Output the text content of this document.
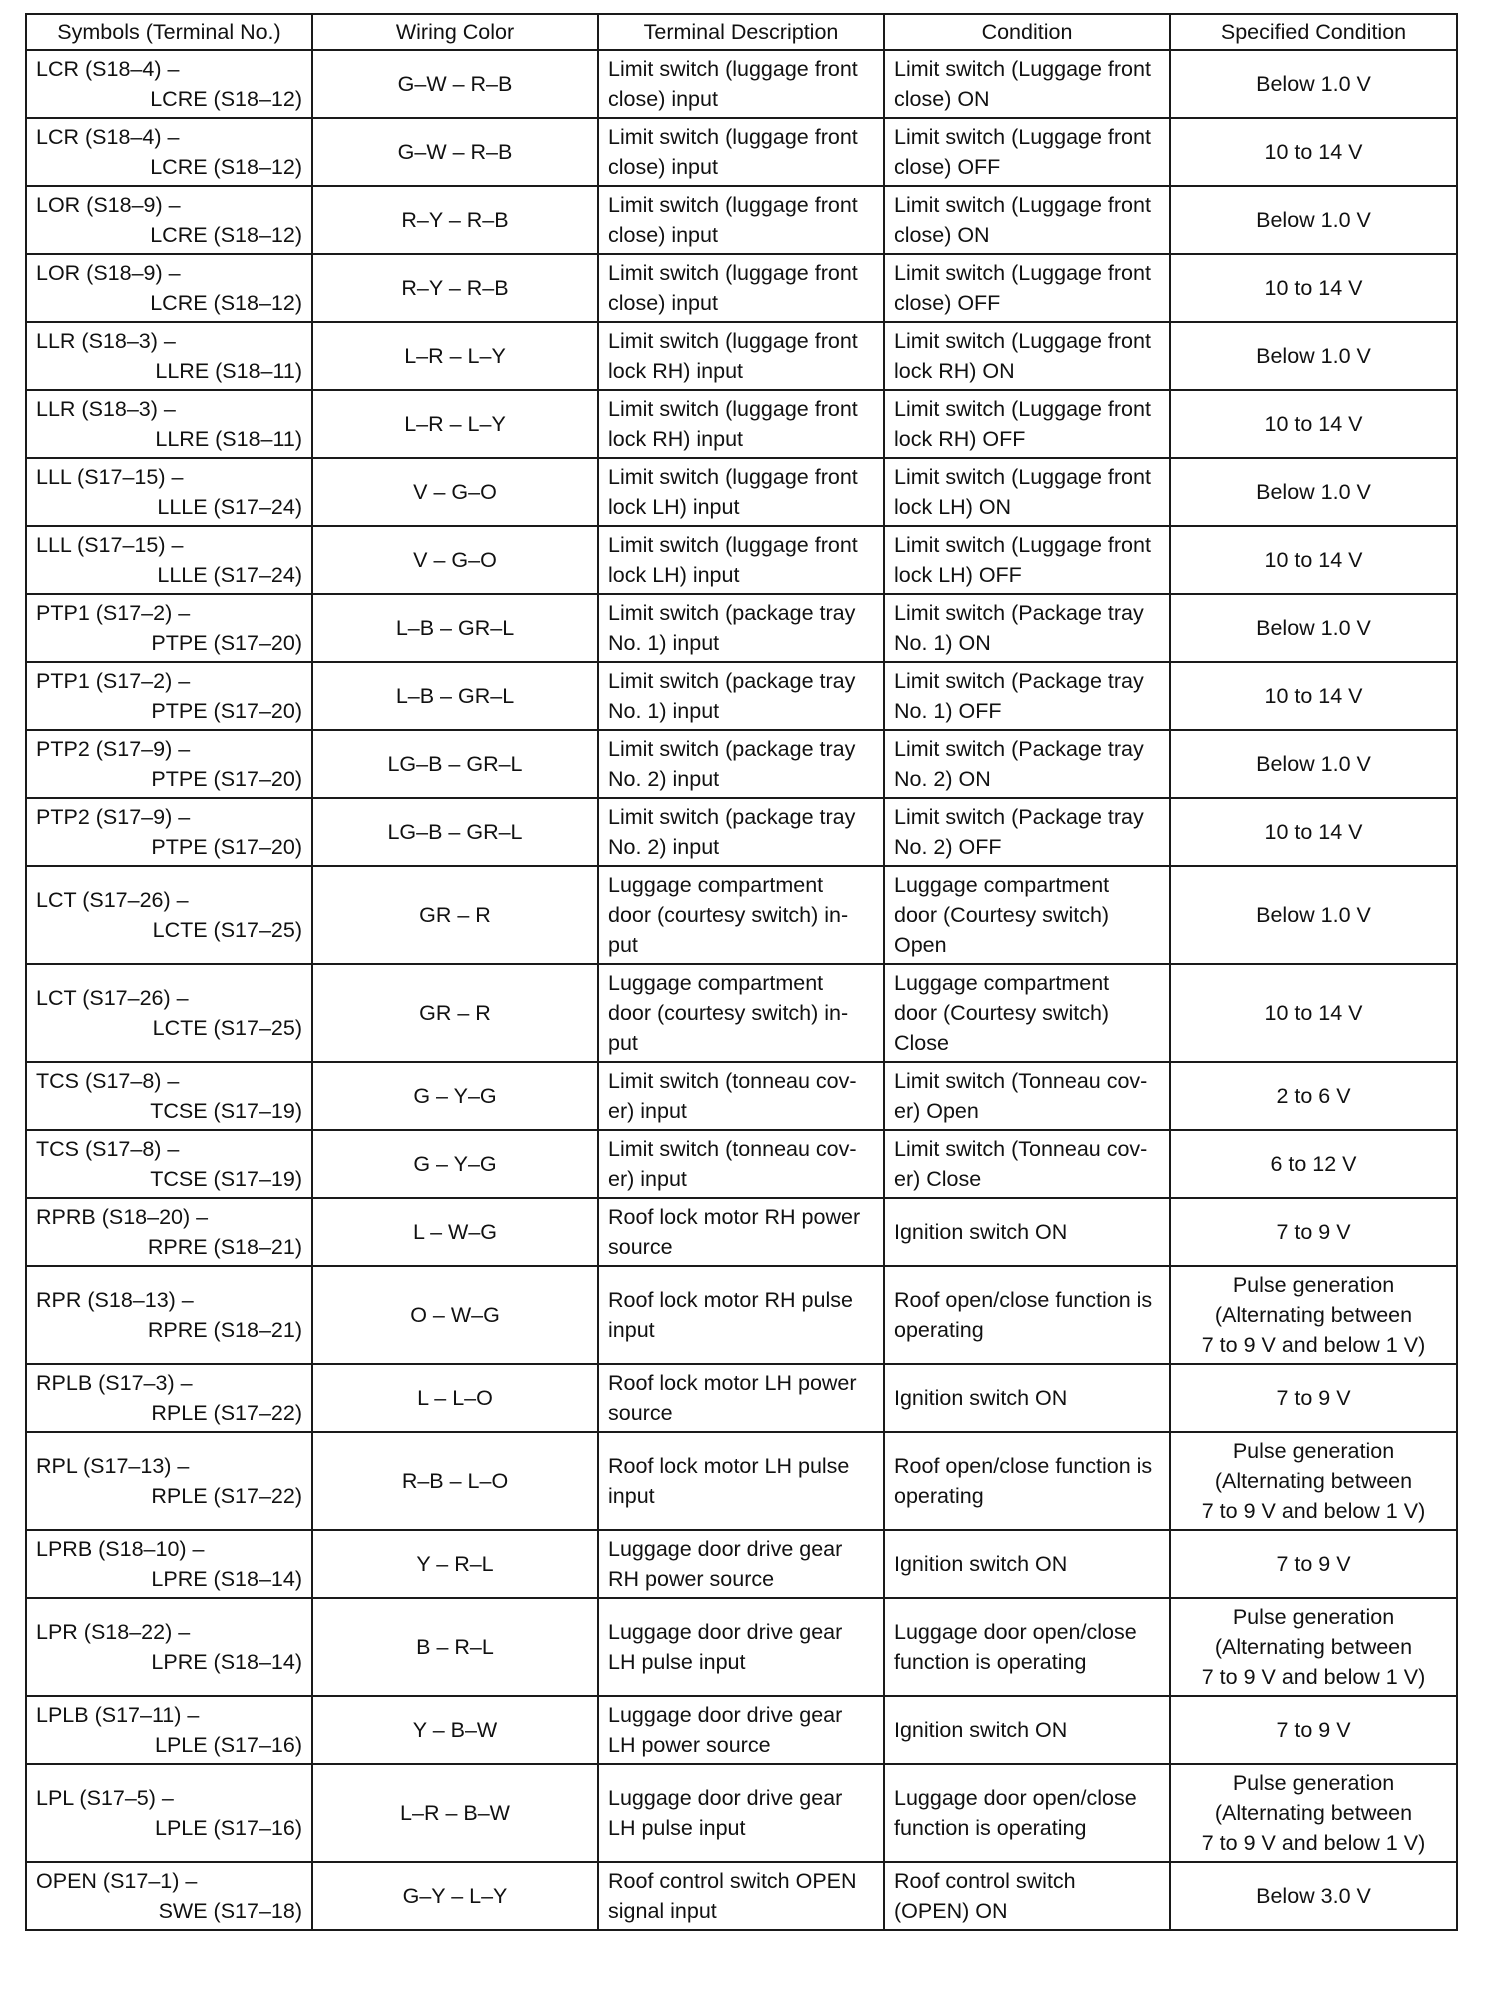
Symbols (Terminal No.)	Wiring Color	Terminal Description	Condition	Specified Condition

LCR (S18–4) –
LCRE (S18–12)	G–W – R–B	Limit switch (luggage front
close) input	Limit switch (Luggage front
close) ON	Below 1.0 V

LCR (S18–4) –
LCRE (S18–12)	G–W – R–B	Limit switch (luggage front
close) input	Limit switch (Luggage front
close) OFF	10 to 14 V

LOR (S18–9) –
LCRE (S18–12)	R–Y – R–B	Limit switch (luggage front
close) input	Limit switch (Luggage front
close) ON	Below 1.0 V

LOR (S18–9) –
LCRE (S18–12)	R–Y – R–B	Limit switch (luggage front
close) input	Limit switch (Luggage front
close) OFF	10 to 14 V

LLR (S18–3) –
LLRE (S18–11)	L–R – L–Y	Limit switch (luggage front
lock RH) input	Limit switch (Luggage front
lock RH) ON	Below 1.0 V

LLR (S18–3) –
LLRE (S18–11)	L–R – L–Y	Limit switch (luggage front
lock RH) input	Limit switch (Luggage front
lock RH) OFF	10 to 14 V

LLL (S17–15) –
LLLE (S17–24)	V – G–O	Limit switch (luggage front
lock LH) input	Limit switch (Luggage front
lock LH) ON	Below 1.0 V

LLL (S17–15) –
LLLE (S17–24)	V – G–O	Limit switch (luggage front
lock LH) input	Limit switch (Luggage front
lock LH) OFF	10 to 14 V

PTP1 (S17–2) –
PTPE (S17–20)	L–B – GR–L	Limit switch (package tray
No. 1) input	Limit switch (Package tray
No. 1) ON	Below 1.0 V

PTP1 (S17–2) –
PTPE (S17–20)	L–B – GR–L	Limit switch (package tray
No. 1) input	Limit switch (Package tray
No. 1) OFF	10 to 14 V

PTP2 (S17–9) –
PTPE (S17–20)	LG–B – GR–L	Limit switch (package tray
No. 2) input	Limit switch (Package tray
No. 2) ON	Below 1.0 V

PTP2 (S17–9) –
PTPE (S17–20)	LG–B – GR–L	Limit switch (package tray
No. 2) input	Limit switch (Package tray
No. 2) OFF	10 to 14 V

LCT (S17–26) –
LCTE (S17–25)	GR – R	Luggage compartment
door (courtesy switch) in-
put	Luggage compartment
door (Courtesy switch)
Open	Below 1.0 V

LCT (S17–26) –
LCTE (S17–25)	GR – R	Luggage compartment
door (courtesy switch) in-
put	Luggage compartment
door (Courtesy switch)
Close	10 to 14 V

TCS (S17–8) –
TCSE (S17–19)	G – Y–G	Limit switch (tonneau cov-
er) input	Limit switch (Tonneau cov-
er) Open	2 to 6 V

TCS (S17–8) –
TCSE (S17–19)	G – Y–G	Limit switch (tonneau cov-
er) input	Limit switch (Tonneau cov-
er) Close	6 to 12 V

RPRB (S18–20) –
RPRE (S18–21)	L – W–G	Roof lock motor RH power
source	Ignition switch ON	7 to 9 V

RPR (S18–13) –
RPRE (S18–21)	O – W–G	Roof lock motor RH pulse
input	Roof open/close function is
operating	Pulse generation
(Alternating between
7 to 9 V and below 1 V)

RPLB (S17–3) –
RPLE (S17–22)	L – L–O	Roof lock motor LH power
source	Ignition switch ON	7 to 9 V

RPL (S17–13) –
RPLE (S17–22)	R–B – L–O	Roof lock motor LH pulse
input	Roof open/close function is
operating	Pulse generation
(Alternating between
7 to 9 V and below 1 V)

LPRB (S18–10) –
LPRE (S18–14)	Y – R–L	Luggage door drive gear
RH power source	Ignition switch ON	7 to 9 V

LPR (S18–22) –
LPRE (S18–14)	B – R–L	Luggage door drive gear
LH pulse input	Luggage door open/close
function is operating	Pulse generation
(Alternating between
7 to 9 V and below 1 V)

LPLB (S17–11) –
LPLE (S17–16)	Y – B–W	Luggage door drive gear
LH power source	Ignition switch ON	7 to 9 V

LPL (S17–5) –
LPLE (S17–16)	L–R – B–W	Luggage door drive gear
LH pulse input	Luggage door open/close
function is operating	Pulse generation
(Alternating between
7 to 9 V and below 1 V)

OPEN (S17–1) –
SWE (S17–18)	G–Y – L–Y	Roof control switch OPEN
signal input	Roof control switch
(OPEN) ON	Below 3.0 V
